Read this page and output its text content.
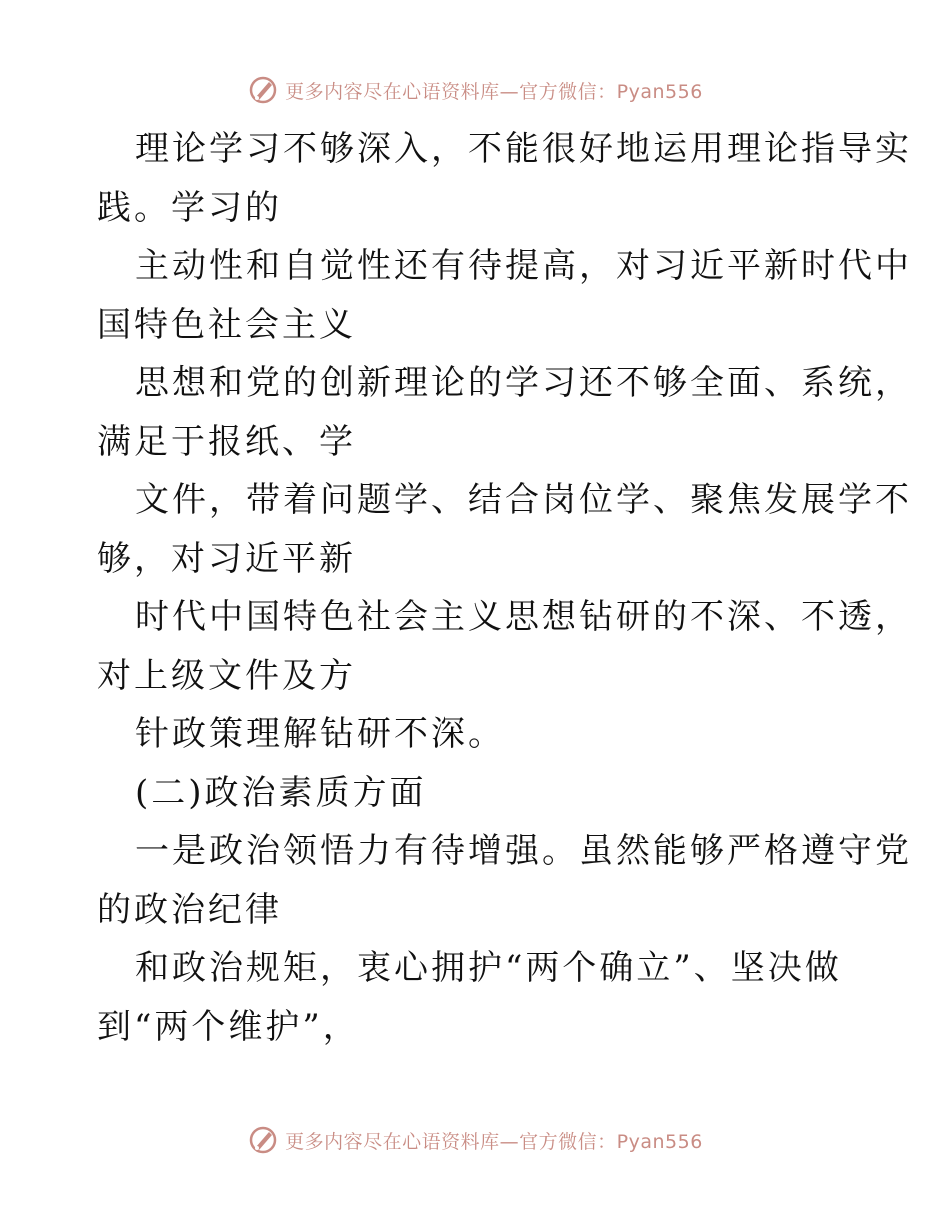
更多内容尽在心语资料库—官方微信：Pyan556
理论学习不够深入，不能很好地运用理论指导实
践。学习的
主动性和自觉性还有待提高，对习近平新时代中
国特色社会主义
思想和党的创新理论的学习还不够全面、系统，
满足于报纸、学
文件，带着问题学、结合岗位学、聚焦发展学不
够，对习近平新
时代中国特色社会主义思想钻研的不深、不透，
对上级文件及方
针政策理解钻研不深。
(二)政治素质方面
一是政治领悟力有待增强。虽然能够严格遵守党
的政治纪律
和政治规矩，衷心拥护“两个确立”、坚决做
到“两个维护”，
更多内容尽在心语资料库—官方微信：Pyan556
